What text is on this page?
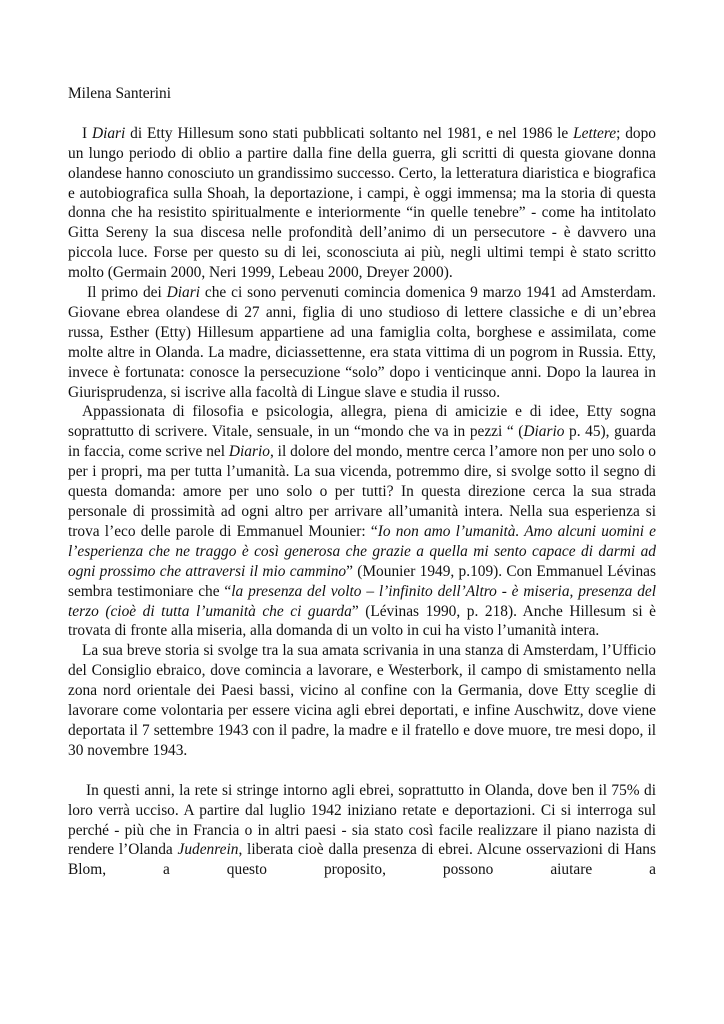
Milena Santerini

I Diari di Etty Hillesum sono stati pubblicati soltanto nel 1981, e nel 1986 le Lettere; dopo un lungo periodo di oblio a partire dalla fine della guerra, gli scritti di questa giovane donna olandese hanno conosciuto un grandissimo successo. Certo, la letteratura diaristica e biografica e autobiografica sulla Shoah, la deportazione, i campi, è oggi immensa; ma la storia di questa donna che ha resistito spiritualmente e interiormente “in quelle tenebre” - come ha intitolato Gitta Sereny la sua discesa nelle profondità dell’animo di un persecutore - è davvero una piccola luce. Forse per questo su di lei, sconosciuta ai più, negli ultimi tempi è stato scritto molto (Germain 2000, Neri 1999, Lebeau 2000, Dreyer 2000).

Il primo dei Diari che ci sono pervenuti comincia domenica 9 marzo 1941 ad Amsterdam. Giovane ebrea olandese di 27 anni, figlia di uno studioso di lettere classiche e di un’ebrea russa, Esther (Etty) Hillesum appartiene ad una famiglia colta, borghese e assimilata, come molte altre in Olanda. La madre, diciassettenne, era stata vittima di un pogrom in Russia. Etty, invece è fortunata: conosce la persecuzione “solo” dopo i venticinque anni. Dopo la laurea in Giurisprudenza, si iscrive alla facoltà di Lingue slave e studia il russo.

Appassionata di filosofia e psicologia, allegra, piena di amicizie e di idee, Etty sogna soprattutto di scrivere. Vitale, sensuale, in un “mondo che va in pezzi “ (Diario p. 45), guarda in faccia, come scrive nel Diario, il dolore del mondo, mentre cerca l’amore non per uno solo o per i propri, ma per tutta l’umanità. La sua vicenda, potremmo dire, si svolge sotto il segno di questa domanda: amore per uno solo o per tutti? In questa direzione cerca la sua strada personale di prossimità ad ogni altro per arrivare all’umanità intera. Nella sua esperienza si trova l’eco delle parole di Emmanuel Mounier: “Io non amo l’umanità. Amo alcuni uomini e l’esperienza che ne traggo è così generosa che grazie a quella mi sento capace di darmi ad ogni prossimo che attraversi il mio cammino” (Mounier 1949, p.109). Con Emmanuel Lévinas sembra testimoniare che “la presenza del volto – l’infinito dell’Altro - è miseria, presenza del terzo (cioè di tutta l’umanità che ci guarda” (Lévinas 1990, p. 218). Anche Hillesum si è trovata di fronte alla miseria, alla domanda di un volto in cui ha visto l’umanità intera.

La sua breve storia si svolge tra la sua amata scrivania in una stanza di Amsterdam, l’Ufficio del Consiglio ebraico, dove comincia a lavorare, e Westerbork, il campo di smistamento nella zona nord orientale dei Paesi bassi, vicino al confine con la Germania, dove Etty sceglie di lavorare come volontaria per essere vicina agli ebrei deportati, e infine Auschwitz, dove viene deportata il 7 settembre 1943 con il padre, la madre e il fratello e dove muore, tre mesi dopo, il 30 novembre 1943.

In questi anni, la rete si stringe intorno agli ebrei, soprattutto in Olanda, dove ben il 75% di loro verrà ucciso. A partire dal luglio 1942 iniziano retate e deportazioni. Ci si interroga sul perché - più che in Francia o in altri paesi - sia stato così facile realizzare il piano nazista di rendere l’Olanda Judenrein, liberata cioè dalla presenza di ebrei. Alcune osservazioni di Hans Blom, a questo proposito, possono aiutare a
